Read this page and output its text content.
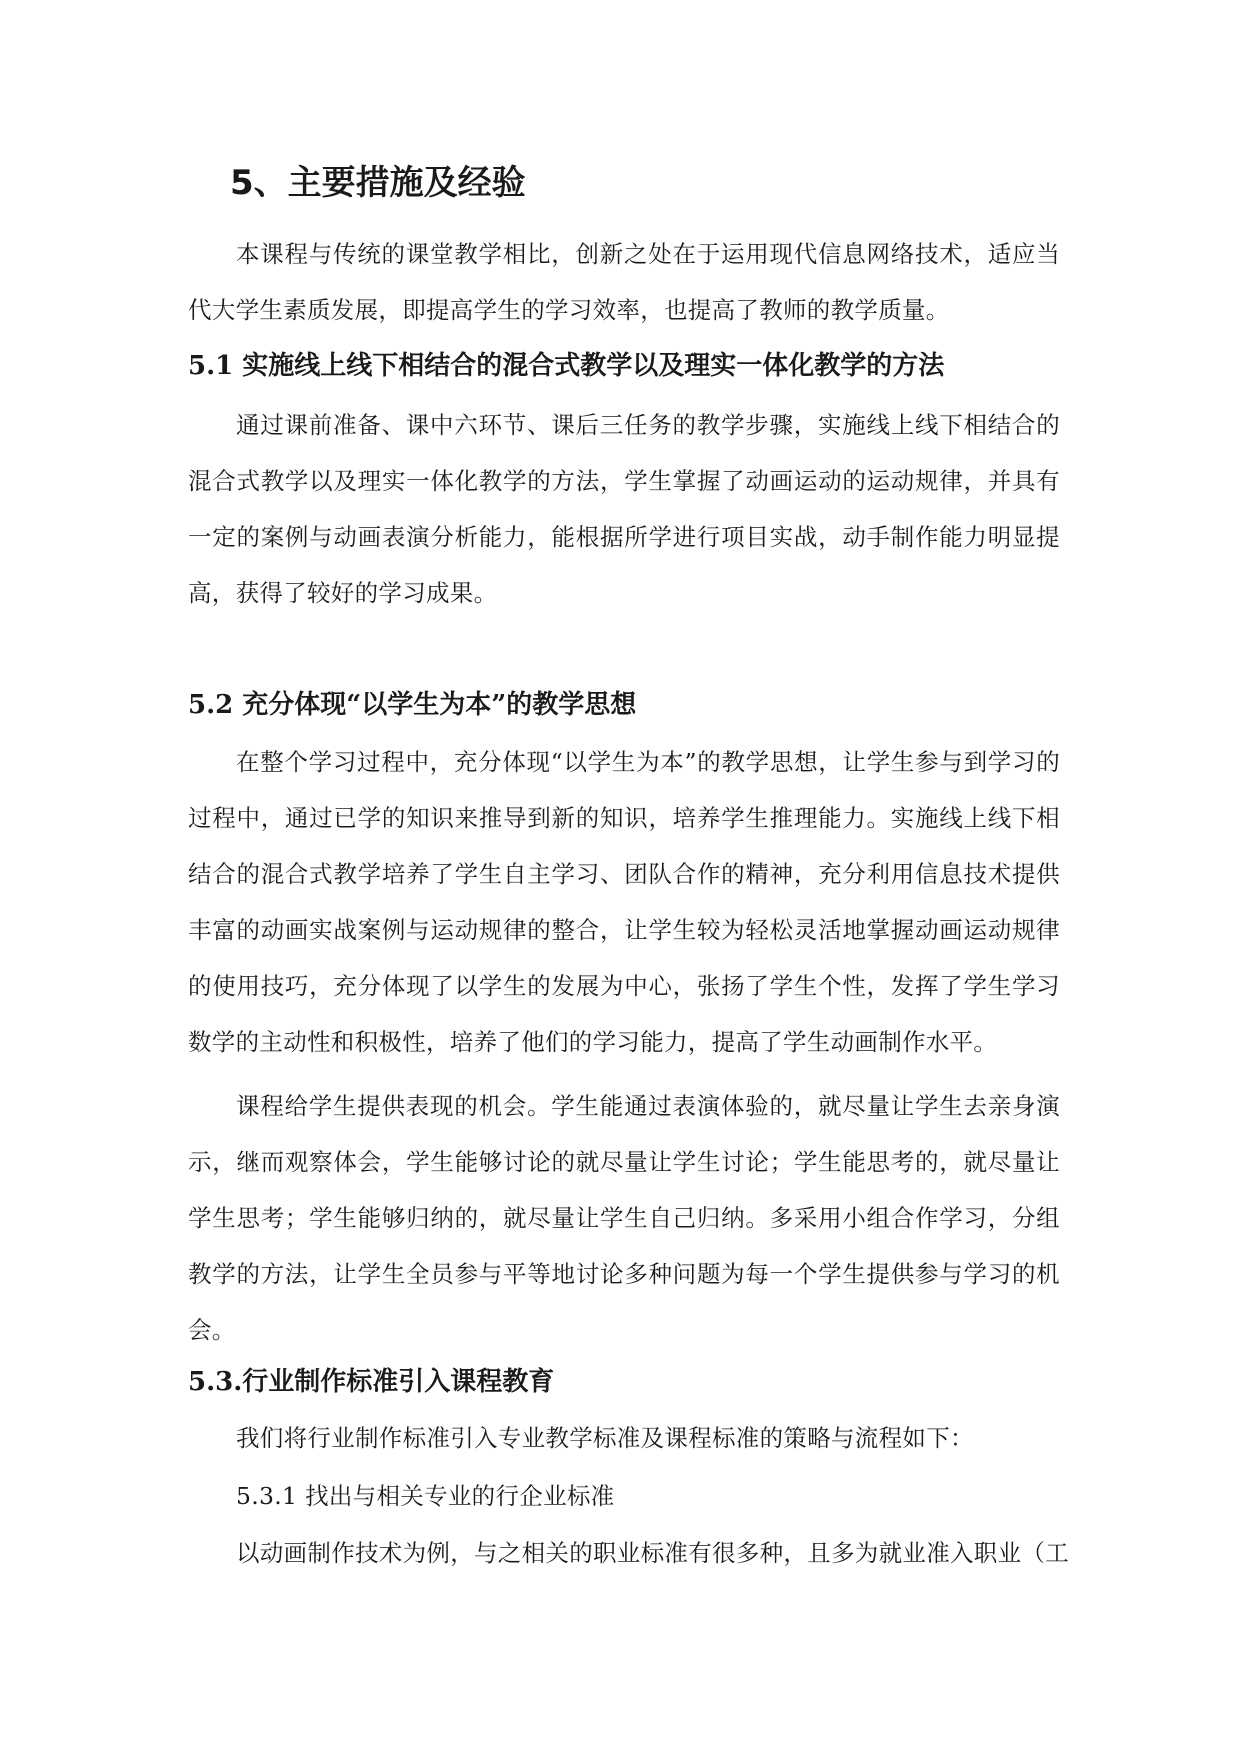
5、主要措施及经验

本课程与传统的课堂教学相比，创新之处在于运用现代信息网络技术，适应当代大学生素质发展，即提高学生的学习效率，也提高了教师的教学质量。

5.1 实施线上线下相结合的混合式教学以及理实一体化教学的方法

通过课前准备、课中六环节、课后三任务的教学步骤，实施线上线下相结合的混合式教学以及理实一体化教学的方法，学生掌握了动画运动的运动规律，并具有一定的案例与动画表演分析能力，能根据所学进行项目实战，动手制作能力明显提高，获得了较好的学习成果。

5.2 充分体现“以学生为本”的教学思想

在整个学习过程中，充分体现“以学生为本”的教学思想，让学生参与到学习的过程中，通过已学的知识来推导到新的知识，培养学生推理能力。实施线上线下相结合的混合式教学培养了学生自主学习、团队合作的精神，充分利用信息技术提供丰富的动画实战案例与运动规律的整合，让学生较为轻松灵活地掌握动画运动规律的使用技巧，充分体现了以学生的发展为中心，张扬了学生个性，发挥了学生学习数学的主动性和积极性，培养了他们的学习能力，提高了学生动画制作水平。

课程给学生提供表现的机会。学生能通过表演体验的，就尽量让学生去亲身演示，继而观察体会，学生能够讨论的就尽量让学生讨论；学生能思考的，就尽量让学生思考；学生能够归纳的，就尽量让学生自己归纳。多采用小组合作学习，分组教学的方法，让学生全员参与平等地讨论多种问题为每一个学生提供参与学习的机会。

5.3.行业制作标准引入课程教育

我们将行业制作标准引入专业教学标准及课程标准的策略与流程如下：

5.3.1 找出与相关专业的行企业标准

以动画制作技术为例，与之相关的职业标准有很多种，且多为就业准入职业（工
